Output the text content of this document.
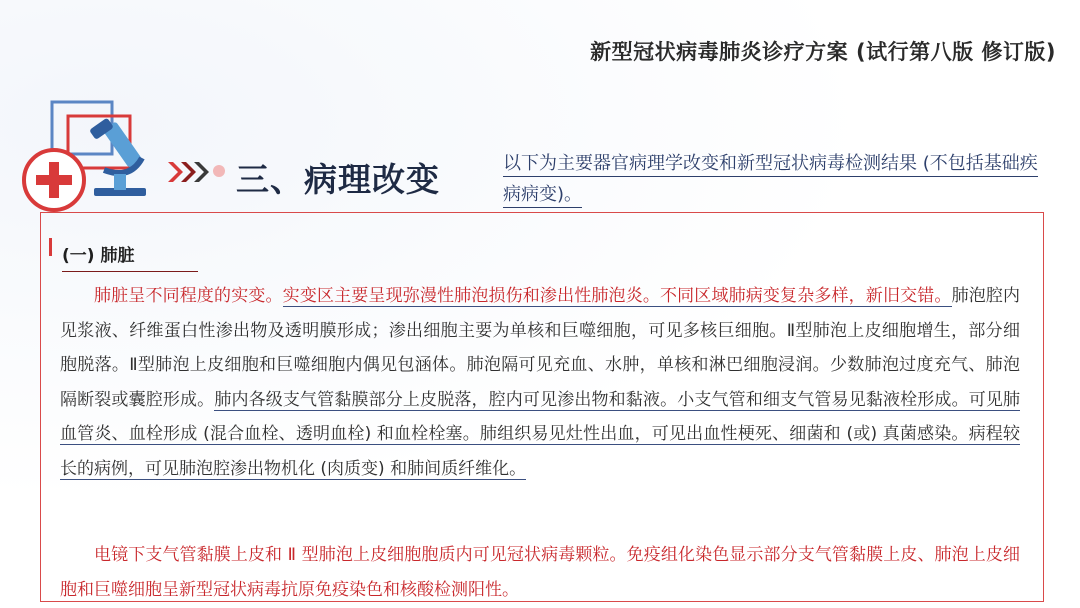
新型冠状病毒肺炎诊疗方案 (试行第八版 修订版)
三、病理改变	以下为主要器官病理学改变和新型冠状病毒检测结果 (不包括基础疾病病变)。
(一) 肺脏

肺脏呈不同程度的实变。实变区主要呈现弥漫性肺泡损伤和渗出性肺泡炎。不同区域肺病变复杂多样，新旧交错。肺泡腔内见浆液、纤维蛋白性渗出物及透明膜形成；渗出细胞主要为单核和巨噬细胞，可见多核巨细胞。Ⅱ型肺泡上皮细胞增生，部分细胞脱落。Ⅱ型肺泡上皮细胞和巨噬细胞内偶见包涵体。肺泡隔可见充血、水肿，单核和淋巴细胞浸润。少数肺泡过度充气、肺泡隔断裂或囊腔形成。肺内各级支气管黏膜部分上皮脱落，腔内可见渗出物和黏液。小支气管和细支气管易见黏液栓形成。可见肺血管炎、血栓形成 (混合血栓、透明血栓) 和血栓栓塞。肺组织易见灶性出血，可见出血性梗死、细菌和 (或) 真菌感染。病程较长的病例，可见肺泡腔渗出物机化 (肉质变) 和肺间质纤维化。

电镜下支气管黏膜上皮和 Ⅱ 型肺泡上皮细胞胞质内可见冠状病毒颗粒。免疫组化染色显示部分支气管黏膜上皮、肺泡上皮细胞和巨噬细胞呈新型冠状病毒抗原免疫染色和核酸检测阳性。
